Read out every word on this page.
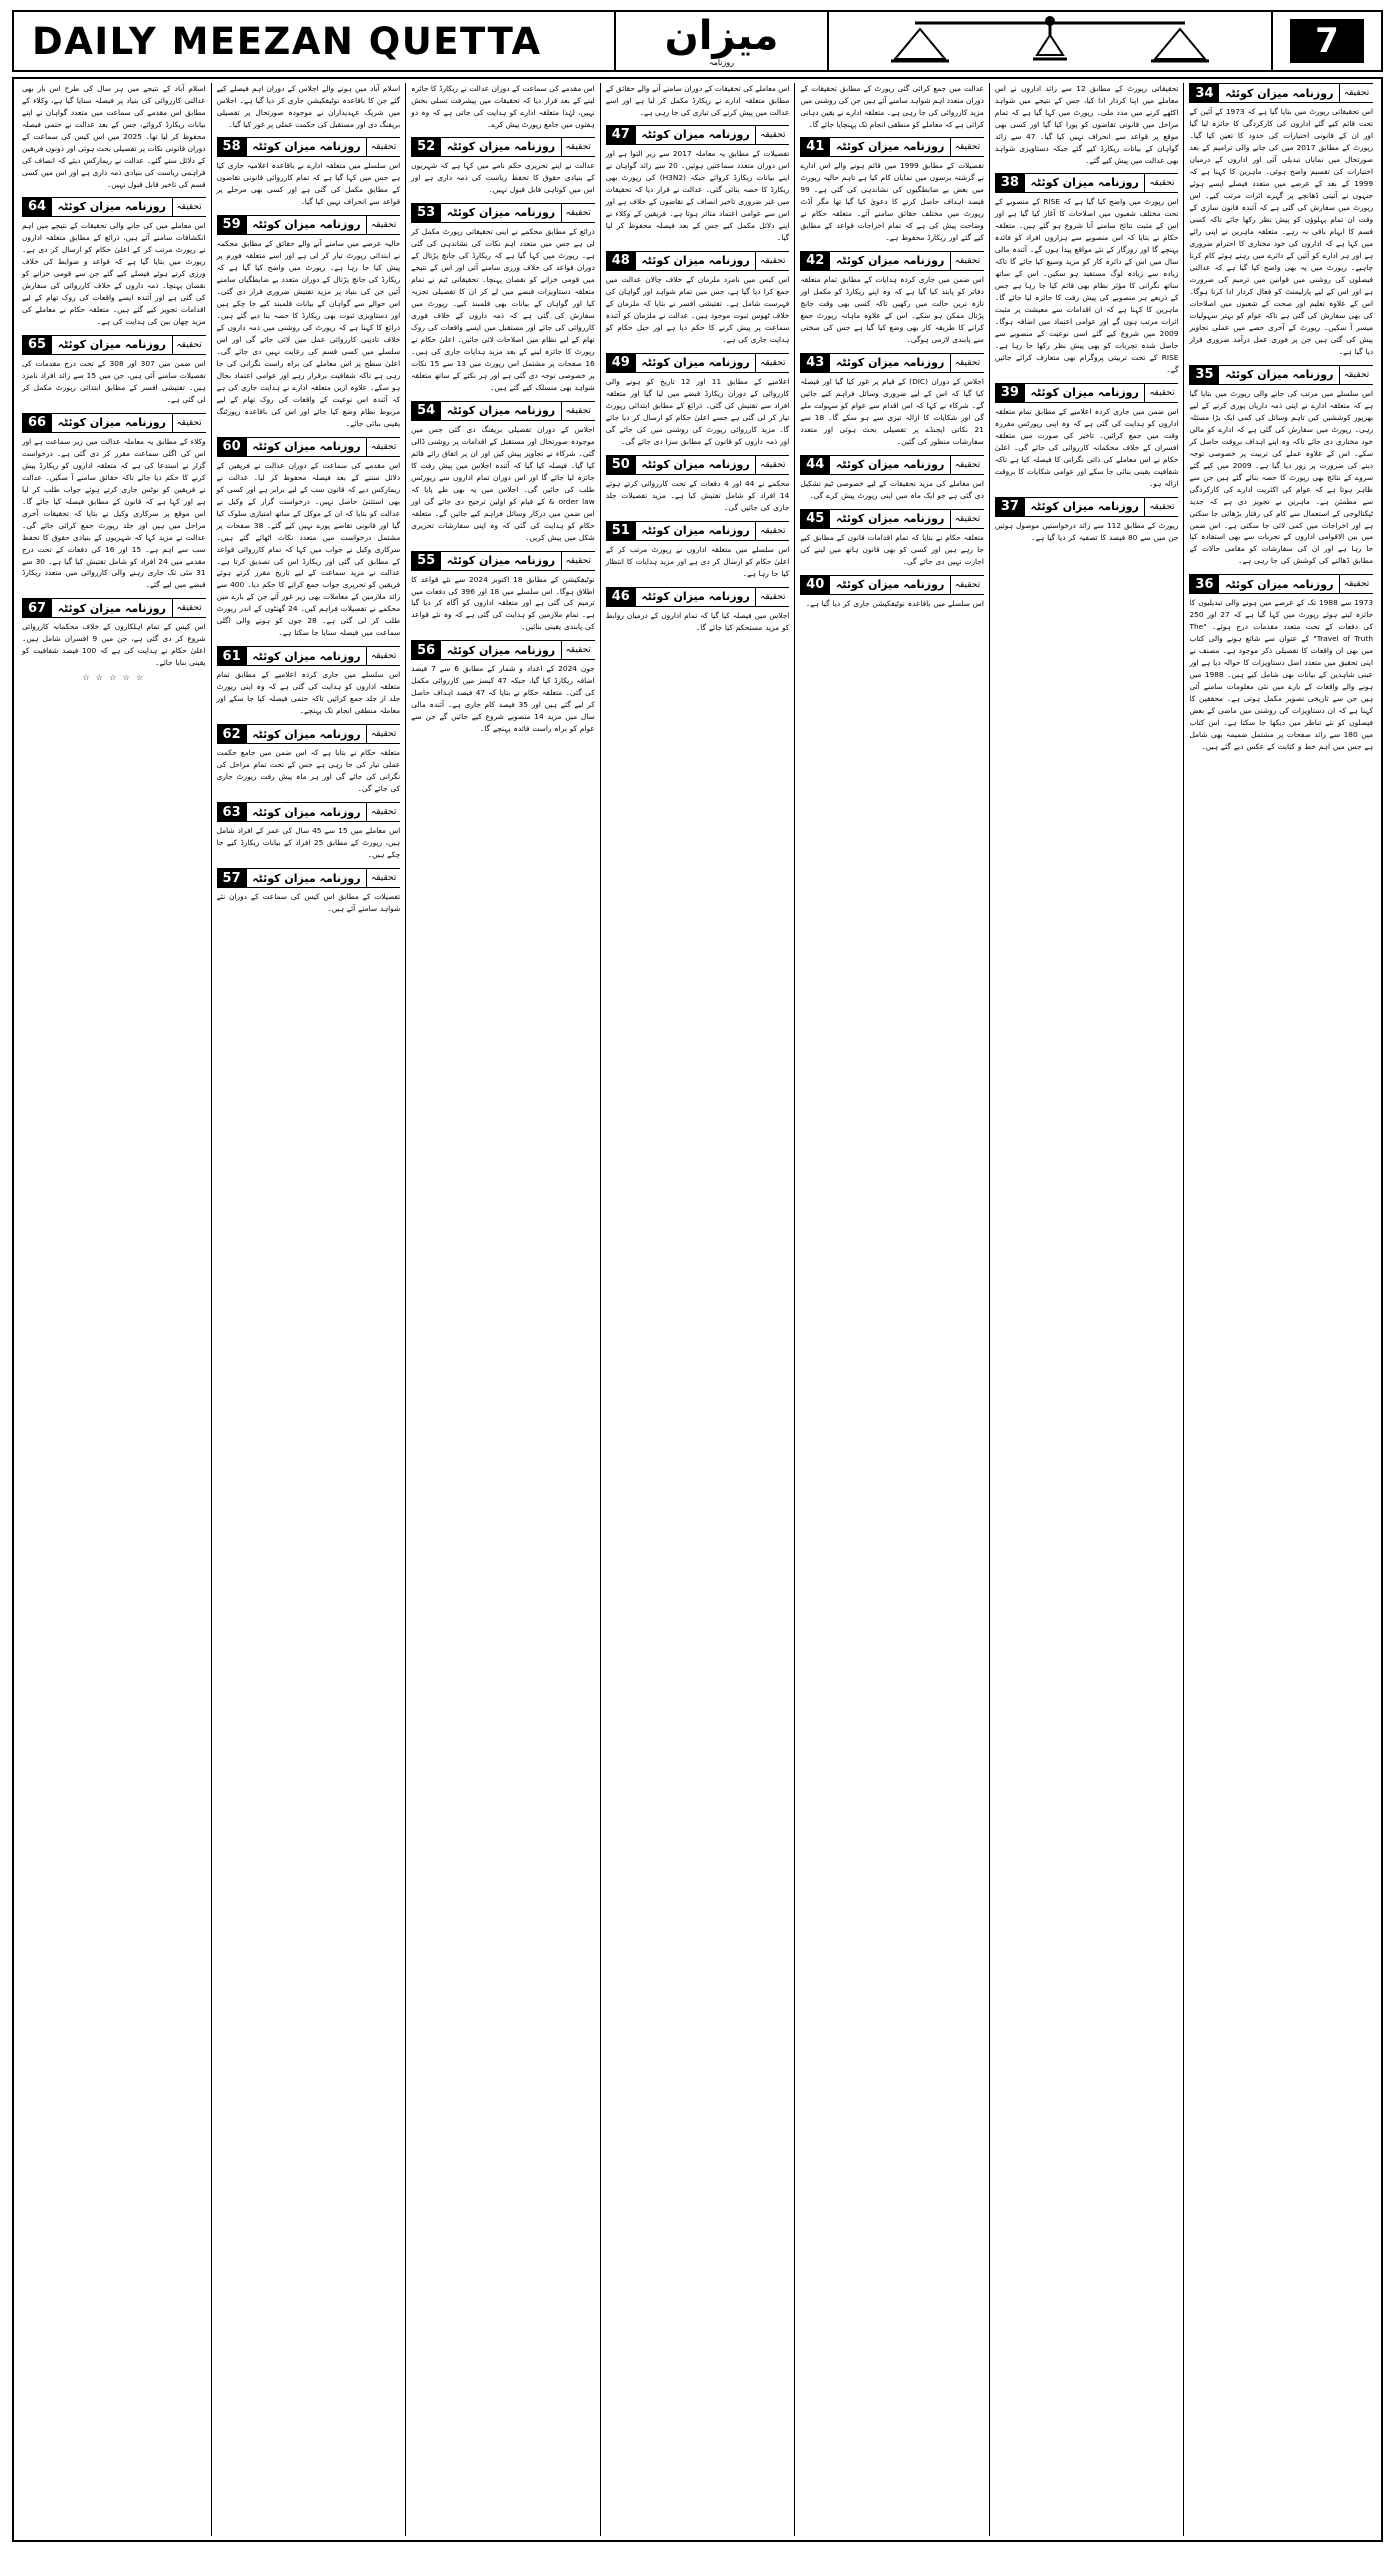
DAILY MEEZAN QUETTA	ميزان
روزنامہ
7
اسلام آباد کے نتیجے میں ہر سال کی طرح اس بار بھی عدالتی کارروائی کی بنیاد پر فیصلہ سنایا گیا ہے، وکلاء کے مطابق اس مقدمے کی سماعت میں متعدد گواہان نے اپنے بیانات ریکارڈ کروائے، جس کے بعد عدالت نے حتمی فیصلہ محفوظ کر لیا تھا۔ 2025 میں اس کیس کی سماعت کے دوران قانونی نکات پر تفصیلی بحث ہوئی اور دونوں فریقین کے دلائل سنے گئے۔ عدالت نے ریمارکس دیئے کہ انصاف کی فراہمی ریاست کی بنیادی ذمہ داری ہے اور اس میں کسی قسم کی تاخیر قابل قبول نہیں۔
64	روزنامہ میزان کوئٹہ	تحقیقہ
اس معاملے میں کی جانے والی تحقیقات کے نتیجے میں اہم انکشافات سامنے آئے ہیں، ذرائع کے مطابق متعلقہ اداروں نے رپورٹ مرتب کر کے اعلیٰ حکام کو ارسال کر دی ہے۔ رپورٹ میں بتایا گیا ہے کہ قواعد و ضوابط کی خلاف ورزی کرتے ہوئے فیصلے کیے گئے جن سے قومی خزانے کو نقصان پہنچا۔ ذمہ داروں کے خلاف کارروائی کی سفارش کی گئی ہے اور آئندہ ایسے واقعات کی روک تھام کے لیے اقدامات تجویز کیے گئے ہیں۔ متعلقہ حکام نے معاملے کی مزید چھان بین کی ہدایت کی ہے۔
65	روزنامہ میزان کوئٹہ	تحقیقہ
اس ضمن میں 307 اور 308 کے تحت درج مقدمات کی تفصیلات سامنے آئی ہیں، جن میں 15 سے زائد افراد نامزد ہیں۔ تفتیشی افسر کے مطابق ابتدائی رپورٹ مکمل کر لی گئی ہے۔
66	روزنامہ میزان کوئٹہ	تحقیقہ
وکلاء کے مطابق یہ معاملہ عدالت میں زیر سماعت ہے اور اس کی اگلی سماعت مقرر کر دی گئی ہے۔ درخواست گزار نے استدعا کی ہے کہ متعلقہ اداروں کو ریکارڈ پیش کرنے کا حکم دیا جائے تاکہ حقائق سامنے آ سکیں۔ عدالت نے فریقین کو نوٹس جاری کرتے ہوئے جواب طلب کر لیا ہے اور کہا ہے کہ قانون کے مطابق فیصلہ کیا جائے گا۔ اس موقع پر سرکاری وکیل نے بتایا کہ تحقیقات آخری مراحل میں ہیں اور جلد رپورٹ جمع کرائی جائے گی۔ عدالت نے مزید کہا کہ شہریوں کے بنیادی حقوق کا تحفظ سب سے اہم ہے۔ 15 اور 16 کی دفعات کے تحت درج مقدمے میں 24 افراد کو شامل تفتیش کیا گیا ہے۔ 30 سے 31 مئی تک جاری رہنے والی کارروائی میں متعدد ریکارڈ قبضے میں لیے گئے۔
67	روزنامہ میزان کوئٹہ	تحقیقہ
اس کیس کے تمام اہلکاروں کے خلاف محکمانہ کارروائی شروع کر دی گئی ہے، جن میں 9 افسران شامل ہیں۔ اعلیٰ حکام نے ہدایت کی ہے کہ 100 فیصد شفافیت کو یقینی بنایا جائے۔
☆ ☆ ☆ ☆ ☆
اسلام آباد میں ہونے والے اجلاس کے دوران اہم فیصلے کیے گئے جن کا باقاعدہ نوٹیفکیشن جاری کر دیا گیا ہے۔ اجلاس میں شریک عہدیداران نے موجودہ صورتحال پر تفصیلی بریفنگ دی اور مستقبل کی حکمت عملی پر غور کیا گیا۔
58	روزنامہ میزان کوئٹہ	تحقیقہ
اس سلسلے میں متعلقہ ادارے نے باقاعدہ اعلامیہ جاری کیا ہے جس میں کہا گیا ہے کہ تمام کارروائی قانونی تقاضوں کے مطابق مکمل کی گئی ہے اور کسی بھی مرحلے پر قواعد سے انحراف نہیں کیا گیا۔
59	روزنامہ میزان کوئٹہ	تحقیقہ
حالیہ عرصے میں سامنے آنے والے حقائق کے مطابق محکمہ نے ابتدائی رپورٹ تیار کر لی ہے اور اسے متعلقہ فورم پر پیش کیا جا رہا ہے۔ رپورٹ میں واضح کیا گیا ہے کہ ریکارڈ کی جانچ پڑتال کے دوران متعدد بے ضابطگیاں سامنے آئیں جن کی بنیاد پر مزید تفتیش ضروری قرار دی گئی۔ اس حوالے سے گواہان کے بیانات قلمبند کیے جا چکے ہیں اور دستاویزی ثبوت بھی ریکارڈ کا حصہ بنا دیے گئے ہیں۔ ذرائع کا کہنا ہے کہ رپورٹ کی روشنی میں ذمہ داروں کے خلاف تادیبی کارروائی عمل میں لائی جائے گی اور اس سلسلے میں کسی قسم کی رعایت نہیں دی جائے گی۔ اعلیٰ سطح پر اس معاملے کی براہ راست نگرانی کی جا رہی ہے تاکہ شفافیت برقرار رہے اور عوامی اعتماد بحال ہو سکے۔ علاوہ ازیں متعلقہ ادارے نے ہدایت جاری کی ہے کہ آئندہ اس نوعیت کے واقعات کی روک تھام کے لیے مربوط نظام وضع کیا جائے اور اس کی باقاعدہ رپورٹنگ یقینی بنائی جائے۔
60	روزنامہ میزان کوئٹہ	تحقیقہ
اس مقدمے کی سماعت کے دوران عدالت نے فریقین کے دلائل سننے کے بعد فیصلہ محفوظ کر لیا۔ عدالت نے ریمارکس دیے کہ قانون سب کے لیے برابر ہے اور کسی کو بھی استثنیٰ حاصل نہیں۔ درخواست گزار کے وکیل نے عدالت کو بتایا کہ ان کے موکل کے ساتھ امتیازی سلوک کیا گیا اور قانونی تقاضے پورے نہیں کیے گئے۔ 38 صفحات پر مشتمل درخواست میں متعدد نکات اٹھائے گئے ہیں۔ سرکاری وکیل نے جواب میں کہا کہ تمام کارروائی قواعد کے مطابق کی گئی اور ریکارڈ اس کی تصدیق کرتا ہے۔ عدالت نے مزید سماعت کے لیے تاریخ مقرر کرتے ہوئے فریقین کو تحریری جواب جمع کرانے کا حکم دیا۔ 400 سے زائد ملازمین کے معاملات بھی زیر غور آئے جن کے بارے میں محکمے نے تفصیلات فراہم کیں۔ 24 گھنٹوں کے اندر رپورٹ طلب کر لی گئی ہے۔ 28 جون کو ہونے والی اگلی سماعت میں فیصلہ سنایا جا سکتا ہے۔
61	روزنامہ میزان کوئٹہ	تحقیقہ
اس سلسلے میں جاری کردہ اعلامیے کے مطابق تمام متعلقہ اداروں کو ہدایت کی گئی ہے کہ وہ اپنی رپورٹ جلد از جلد جمع کرائیں تاکہ حتمی فیصلہ کیا جا سکے اور معاملہ منطقی انجام تک پہنچے۔
62	روزنامہ میزان کوئٹہ	تحقیقہ
متعلقہ حکام نے بتایا ہے کہ اس ضمن میں جامع حکمت عملی تیار کی جا رہی ہے جس کے تحت تمام مراحل کی نگرانی کی جائے گی اور ہر ماہ پیش رفت رپورٹ جاری کی جائے گی۔
63	روزنامہ میزان کوئٹہ	تحقیقہ
اس معاملے میں 15 سے 45 سال کی عمر کے افراد شامل ہیں، رپورٹ کے مطابق 25 افراد کے بیانات ریکارڈ کیے جا چکے ہیں۔
57	روزنامہ میزان کوئٹہ	تحقیقہ
تفصیلات کے مطابق اس کیس کی سماعت کے دوران نئے شواہد سامنے آئے ہیں۔
اس مقدمے کی سماعت کے دوران عدالت نے ریکارڈ کا جائزہ لینے کے بعد قرار دیا کہ تحقیقات میں پیشرفت تسلی بخش نہیں، لہٰذا متعلقہ ادارے کو ہدایت کی جاتی ہے کہ وہ دو ہفتوں میں جامع رپورٹ پیش کرے۔
52	روزنامہ میزان کوئٹہ	تحقیقہ
عدالت نے اپنے تحریری حکم نامے میں کہا ہے کہ شہریوں کے بنیادی حقوق کا تحفظ ریاست کی ذمہ داری ہے اور اس میں کوتاہی قابل قبول نہیں۔
53	روزنامہ میزان کوئٹہ	تحقیقہ
ذرائع کے مطابق محکمے نے اپنی تحقیقاتی رپورٹ مکمل کر لی ہے جس میں متعدد اہم نکات کی نشاندہی کی گئی ہے۔ رپورٹ میں کہا گیا ہے کہ ریکارڈ کی جانچ پڑتال کے دوران قواعد کی خلاف ورزی سامنے آئی اور اس کے نتیجے میں قومی خزانے کو نقصان پہنچا۔ تحقیقاتی ٹیم نے تمام متعلقہ دستاویزات قبضے میں لے کر ان کا تفصیلی تجزیہ کیا اور گواہان کے بیانات بھی قلمبند کیے۔ رپورٹ میں سفارش کی گئی ہے کہ ذمہ داروں کے خلاف فوری کارروائی کی جائے اور مستقبل میں ایسے واقعات کی روک تھام کے لیے نظام میں اصلاحات لائی جائیں۔ اعلیٰ حکام نے رپورٹ کا جائزہ لینے کے بعد مزید ہدایات جاری کی ہیں۔ 16 صفحات پر مشتمل اس رپورٹ میں 13 سے 15 نکات پر خصوصی توجہ دی گئی ہے اور ہر نکتے کے ساتھ متعلقہ شواہد بھی منسلک کیے گئے ہیں۔
54	روزنامہ میزان کوئٹہ	تحقیقہ
اجلاس کے دوران تفصیلی بریفنگ دی گئی جس میں موجودہ صورتحال اور مستقبل کے اقدامات پر روشنی ڈالی گئی۔ شرکاء نے تجاویز پیش کیں اور ان پر اتفاق رائے قائم کیا گیا۔ فیصلہ کیا گیا کہ آئندہ اجلاس میں پیش رفت کا جائزہ لیا جائے گا اور اس دوران تمام اداروں سے رپورٹس طلب کی جائیں گی۔ اجلاس میں یہ بھی طے پایا کہ order law & کے قیام کو اولین ترجیح دی جائے گی اور اس ضمن میں درکار وسائل فراہم کیے جائیں گے۔ متعلقہ حکام کو ہدایت کی گئی کہ وہ اپنی سفارشات تحریری شکل میں پیش کریں۔
55	روزنامہ میزان کوئٹہ	تحقیقہ
نوٹیفکیشن کے مطابق 18 اکتوبر 2024 سے نئے قواعد کا اطلاق ہوگا۔ اس سلسلے میں 18 اور 396 کی دفعات میں ترمیم کی گئی ہے اور متعلقہ اداروں کو آگاہ کر دیا گیا ہے۔ تمام ملازمین کو ہدایت کی گئی ہے کہ وہ نئے قواعد کی پابندی یقینی بنائیں۔
56	روزنامہ میزان کوئٹہ	تحقیقہ
جون 2024 کے اعداد و شمار کے مطابق 6 سے 7 فیصد اضافہ ریکارڈ کیا گیا، جبکہ 47 کیسز میں کارروائی مکمل کی گئی۔ متعلقہ حکام نے بتایا کہ 47 فیصد اہداف حاصل کر لیے گئے ہیں اور 35 فیصد کام جاری ہے۔ آئندہ مالی سال میں مزید 14 منصوبے شروع کیے جائیں گے جن سے عوام کو براہ راست فائدہ پہنچے گا۔
اس معاملے کی تحقیقات کے دوران سامنے آنے والے حقائق کے مطابق متعلقہ ادارے نے ریکارڈ مکمل کر لیا ہے اور اسے عدالت میں پیش کرنے کی تیاری کی جا رہی ہے۔
47	روزنامہ میزان کوئٹہ	تحقیقہ
تفصیلات کے مطابق یہ معاملہ 2017 سے زیر التوا ہے اور اس دوران متعدد سماعتیں ہوئیں۔ 20 سے زائد گواہان نے اپنے بیانات ریکارڈ کروائے جبکہ (H3N2) کی رپورٹ بھی ریکارڈ کا حصہ بنائی گئی۔ عدالت نے قرار دیا کہ تحقیقات میں غیر ضروری تاخیر انصاف کے تقاضوں کے خلاف ہے اور اس سے عوامی اعتماد متاثر ہوتا ہے۔ فریقین کے وکلاء نے اپنے دلائل مکمل کیے جس کے بعد فیصلہ محفوظ کر لیا گیا۔
48	روزنامہ میزان کوئٹہ	تحقیقہ
اس کیس میں نامزد ملزمان کے خلاف چالان عدالت میں جمع کرا دیا گیا ہے، جس میں تمام شواہد اور گواہان کی فہرست شامل ہے۔ تفتیشی افسر نے بتایا کہ ملزمان کے خلاف ٹھوس ثبوت موجود ہیں۔ عدالت نے ملزمان کو آئندہ سماعت پر پیش کرنے کا حکم دیا ہے اور جیل حکام کو ہدایت جاری کی ہے۔
49	روزنامہ میزان کوئٹہ	تحقیقہ
اعلامیے کے مطابق 11 اور 12 تاریخ کو ہونے والی کارروائی کے دوران ریکارڈ قبضے میں لیا گیا اور متعلقہ افراد سے تفتیش کی گئی۔ ذرائع کے مطابق ابتدائی رپورٹ تیار کر لی گئی ہے جسے اعلیٰ حکام کو ارسال کر دیا جائے گا۔ مزید کارروائی رپورٹ کی روشنی میں کی جائے گی اور ذمہ داروں کو قانون کے مطابق سزا دی جائے گی۔
50	روزنامہ میزان کوئٹہ	تحقیقہ
محکمے نے 44 اور 4 دفعات کے تحت کارروائی کرتے ہوئے 14 افراد کو شامل تفتیش کیا ہے۔ مزید تفصیلات جلد جاری کی جائیں گی۔
51	روزنامہ میزان کوئٹہ	تحقیقہ
اس سلسلے میں متعلقہ اداروں نے رپورٹ مرتب کر کے اعلیٰ حکام کو ارسال کر دی ہے اور مزید ہدایات کا انتظار کیا جا رہا ہے۔
46	روزنامہ میزان کوئٹہ	تحقیقہ
اجلاس میں فیصلہ کیا گیا کہ تمام اداروں کے درمیان روابط کو مزید مستحکم کیا جائے گا۔
عدالت میں جمع کرائی گئی رپورٹ کے مطابق تحقیقات کے دوران متعدد اہم شواہد سامنے آئے ہیں جن کی روشنی میں مزید کارروائی کی جا رہی ہے۔ متعلقہ ادارے نے یقین دہانی کرائی ہے کہ معاملے کو منطقی انجام تک پہنچایا جائے گا۔
41	روزنامہ میزان کوئٹہ	تحقیقہ
تفصیلات کے مطابق 1999 میں قائم ہونے والے اس ادارے نے گزشتہ برسوں میں نمایاں کام کیا ہے تاہم حالیہ رپورٹ میں بعض بے ضابطگیوں کی نشاندہی کی گئی ہے۔ 99 فیصد اہداف حاصل کرنے کا دعویٰ کیا گیا تھا مگر آڈٹ رپورٹ میں مختلف حقائق سامنے آئے۔ متعلقہ حکام نے وضاحت پیش کی ہے کہ تمام اخراجات قواعد کے مطابق کیے گئے اور ریکارڈ محفوظ ہے۔
42	روزنامہ میزان کوئٹہ	تحقیقہ
اس ضمن میں جاری کردہ ہدایات کے مطابق تمام متعلقہ دفاتر کو پابند کیا گیا ہے کہ وہ اپنے ریکارڈ کو مکمل اور تازہ ترین حالت میں رکھیں تاکہ کسی بھی وقت جانچ پڑتال ممکن ہو سکے۔ اس کے علاوہ ماہانہ رپورٹ جمع کرانے کا طریقہ کار بھی وضع کیا گیا ہے جس کی سختی سے پابندی لازمی ہوگی۔
43	روزنامہ میزان کوئٹہ	تحقیقہ
اجلاس کے دوران (DIC) کے قیام پر غور کیا گیا اور فیصلہ کیا گیا کہ اس کے لیے ضروری وسائل فراہم کیے جائیں گے۔ شرکاء نے کہا کہ اس اقدام سے عوام کو سہولت ملے گی اور شکایات کا ازالہ تیزی سے ہو سکے گا۔ 18 سے 21 نکاتی ایجنڈے پر تفصیلی بحث ہوئی اور متعدد سفارشات منظور کی گئیں۔
44	روزنامہ میزان کوئٹہ	تحقیقہ
اس معاملے کی مزید تحقیقات کے لیے خصوصی ٹیم تشکیل دی گئی ہے جو ایک ماہ میں اپنی رپورٹ پیش کرے گی۔
45	روزنامہ میزان کوئٹہ	تحقیقہ
متعلقہ حکام نے بتایا کہ تمام اقدامات قانون کے مطابق کیے جا رہے ہیں اور کسی کو بھی قانون ہاتھ میں لینے کی اجازت نہیں دی جائے گی۔
40	روزنامہ میزان کوئٹہ	تحقیقہ
اس سلسلے میں باقاعدہ نوٹیفکیشن جاری کر دیا گیا ہے۔
تحقیقاتی رپورٹ کے مطابق 12 سے زائد اداروں نے اس معاملے میں اپنا کردار ادا کیا، جس کے نتیجے میں شواہد اکٹھے کرنے میں مدد ملی۔ رپورٹ میں کہا گیا ہے کہ تمام مراحل میں قانونی تقاضوں کو پورا کیا گیا اور کسی بھی موقع پر قواعد سے انحراف نہیں کیا گیا۔ 47 سے زائد گواہان کے بیانات ریکارڈ کیے گئے جبکہ دستاویزی شواہد بھی عدالت میں پیش کیے گئے۔
38	روزنامہ میزان کوئٹہ	تحقیقہ
اس رپورٹ میں واضح کیا گیا ہے کہ RISE کے منصوبے کے تحت مختلف شعبوں میں اصلاحات کا آغاز کیا گیا ہے اور اس کے مثبت نتائج سامنے آنا شروع ہو گئے ہیں۔ متعلقہ حکام نے بتایا کہ اس منصوبے سے ہزاروں افراد کو فائدہ پہنچے گا اور روزگار کے نئے مواقع پیدا ہوں گے۔ آئندہ مالی سال میں اس کے دائرہ کار کو مزید وسیع کیا جائے گا تاکہ زیادہ سے زیادہ لوگ مستفید ہو سکیں۔ اس کے ساتھ ساتھ نگرانی کا مؤثر نظام بھی قائم کیا جا رہا ہے جس کے ذریعے ہر منصوبے کی پیش رفت کا جائزہ لیا جائے گا۔ ماہرین کا کہنا ہے کہ ان اقدامات سے معیشت پر مثبت اثرات مرتب ہوں گے اور عوامی اعتماد میں اضافہ ہوگا۔ 2009 میں شروع کیے گئے اسی نوعیت کے منصوبے سے حاصل شدہ تجربات کو بھی پیش نظر رکھا جا رہا ہے۔ RISE کے تحت تربیتی پروگرام بھی متعارف کرائے جائیں گے۔
39	روزنامہ میزان کوئٹہ	تحقیقہ
اس ضمن میں جاری کردہ اعلامیے کے مطابق تمام متعلقہ اداروں کو ہدایت کی گئی ہے کہ وہ اپنی رپورٹس مقررہ وقت میں جمع کرائیں۔ تاخیر کی صورت میں متعلقہ افسران کے خلاف محکمانہ کارروائی کی جائے گی۔ اعلیٰ حکام نے اس معاملے کی ذاتی نگرانی کا فیصلہ کیا ہے تاکہ شفافیت یقینی بنائی جا سکے اور عوامی شکایات کا بروقت ازالہ ہو۔
37	روزنامہ میزان کوئٹہ	تحقیقہ
رپورٹ کے مطابق 112 سے زائد درخواستیں موصول ہوئیں جن میں سے 80 فیصد کا تصفیہ کر دیا گیا ہے۔
34	روزنامہ میزان کوئٹہ	تحقیقہ
اس تحقیقاتی رپورٹ میں بتایا گیا ہے کہ 1973 کے آئین کے تحت قائم کیے گئے اداروں کی کارکردگی کا جائزہ لیا گیا اور ان کے قانونی اختیارات کی حدود کا تعین کیا گیا۔ رپورٹ کے مطابق 2017 میں کی جانے والی ترامیم کے بعد صورتحال میں نمایاں تبدیلی آئی اور اداروں کے درمیان اختیارات کی تقسیم واضح ہوئی۔ ماہرین کا کہنا ہے کہ 1999 کے بعد کے عرصے میں متعدد فیصلے ایسے ہوئے جنہوں نے آئینی ڈھانچے پر گہرے اثرات مرتب کیے۔ اس رپورٹ میں سفارش کی گئی ہے کہ آئندہ قانون سازی کے وقت ان تمام پہلوؤں کو پیش نظر رکھا جائے تاکہ کسی قسم کا ابہام باقی نہ رہے۔ متعلقہ ماہرین نے اپنی رائے میں کہا ہے کہ اداروں کی خود مختاری کا احترام ضروری ہے اور ہر ادارے کو آئین کے دائرے میں رہتے ہوئے کام کرنا چاہیے۔ رپورٹ میں یہ بھی واضح کیا گیا ہے کہ عدالتی فیصلوں کی روشنی میں قوانین میں ترمیم کی ضرورت ہے اور اس کے لیے پارلیمنٹ کو فعال کردار ادا کرنا ہوگا۔ اس کے علاوہ تعلیم اور صحت کے شعبوں میں اصلاحات کی بھی سفارش کی گئی ہے تاکہ عوام کو بہتر سہولیات میسر آ سکیں۔ رپورٹ کے آخری حصے میں عملی تجاویز پیش کی گئی ہیں جن پر فوری عمل درآمد ضروری قرار دیا گیا ہے۔
35	روزنامہ میزان کوئٹہ	تحقیقہ
اس سلسلے میں مرتب کی جانے والی رپورٹ میں بتایا گیا ہے کہ متعلقہ ادارے نے اپنی ذمہ داریاں پوری کرنے کے لیے بھرپور کوششیں کیں تاہم وسائل کی کمی ایک بڑا مسئلہ رہی۔ رپورٹ میں سفارش کی گئی ہے کہ ادارے کو مالی خود مختاری دی جائے تاکہ وہ اپنے اہداف بروقت حاصل کر سکے۔ اس کے علاوہ عملے کی تربیت پر خصوصی توجہ دینے کی ضرورت پر زور دیا گیا ہے۔ 2009 میں کیے گئے سروے کے نتائج بھی رپورٹ کا حصہ بنائے گئے ہیں جن سے ظاہر ہوتا ہے کہ عوام کی اکثریت ادارے کی کارکردگی سے مطمئن ہے۔ ماہرین نے تجویز دی ہے کہ جدید ٹیکنالوجی کے استعمال سے کام کی رفتار بڑھائی جا سکتی ہے اور اخراجات میں کمی لائی جا سکتی ہے۔ اس ضمن میں بین الاقوامی اداروں کے تجربات سے بھی استفادہ کیا جا رہا ہے اور ان کی سفارشات کو مقامی حالات کے مطابق ڈھالنے کی کوشش کی جا رہی ہے۔
36	روزنامہ میزان کوئٹہ	تحقیقہ
1973 سے 1988 تک کے عرصے میں ہونے والی تبدیلیوں کا جائزہ لیتے ہوئے رپورٹ میں کہا گیا ہے کہ 27 اور 250 کی دفعات کے تحت متعدد مقدمات درج ہوئے۔ "The Travel of Truth" کے عنوان سے شائع ہونے والی کتاب میں بھی ان واقعات کا تفصیلی ذکر موجود ہے۔ مصنف نے اپنی تحقیق میں متعدد اصل دستاویزات کا حوالہ دیا ہے اور عینی شاہدین کے بیانات بھی شامل کیے ہیں۔ 1988 میں ہونے والے واقعات کے بارے میں نئی معلومات سامنے آئی ہیں جن سے تاریخی تصویر مکمل ہوتی ہے۔ محققین کا کہنا ہے کہ ان دستاویزات کی روشنی میں ماضی کے بعض فیصلوں کو نئے تناظر میں دیکھا جا سکتا ہے۔ اس کتاب میں 180 سے زائد صفحات پر مشتمل ضمیمہ بھی شامل ہے جس میں اہم خط و کتابت کے عکس دیے گئے ہیں۔
